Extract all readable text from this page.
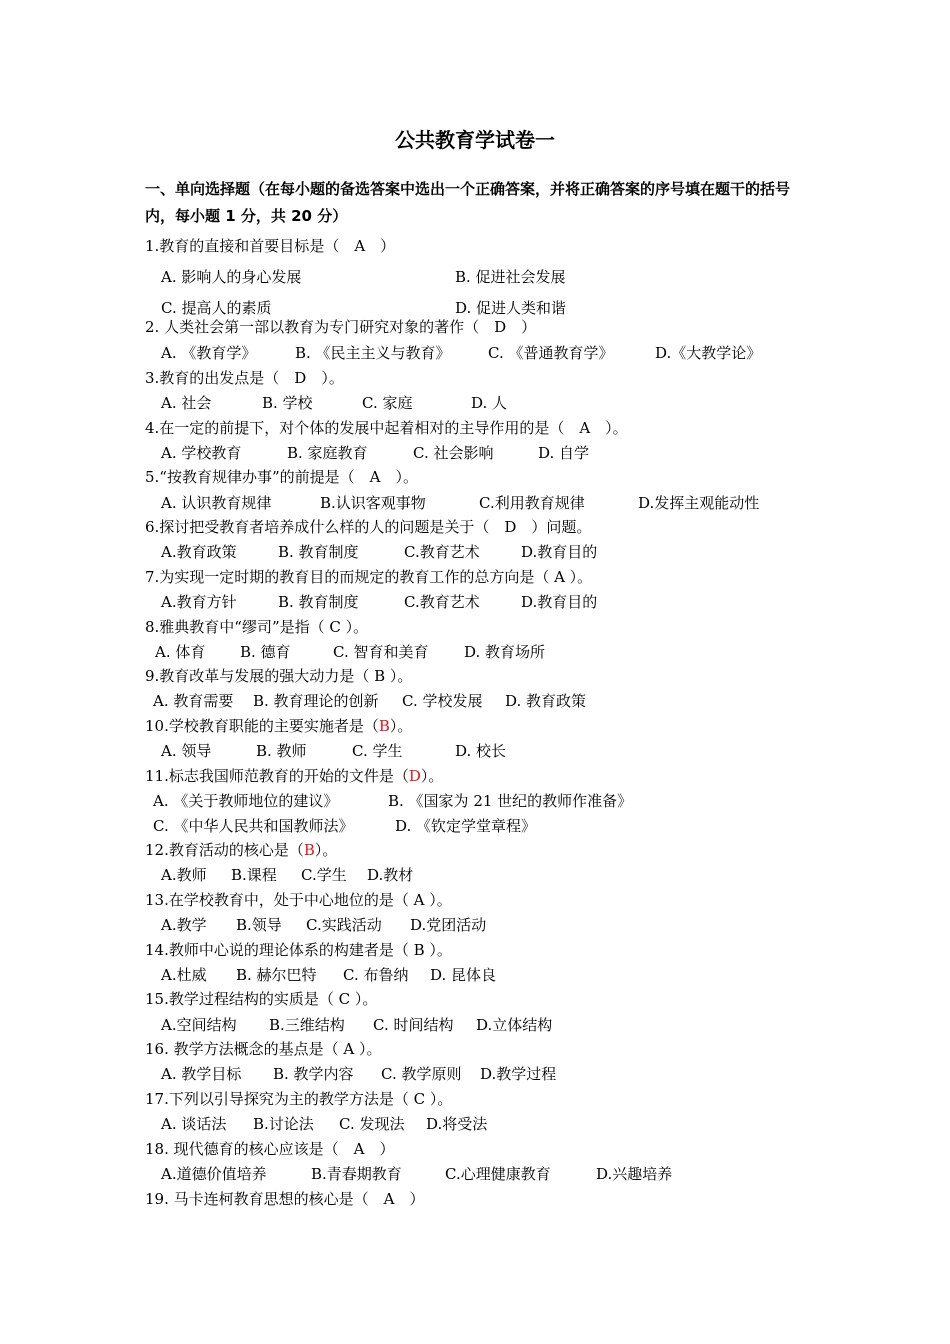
公共教育学试卷一
一、单向选择题（在每小题的备选答案中选出一个正确答案，并将正确答案的序号填在题干的括号内，每小题 1 分，共 20 分）
1.教育的直接和首要目标是（　A　）
A. 影响人的身心发展	B. 促进社会发展
C. 提高人的素质	D. 促进人类和谐
2. 人类社会第一部以教育为专门研究对象的著作（　D　）
A. 《教育学》	B. 《民主主义与教育》 C. 《普通教育学》	D.《大教学论》
3.教育的出发点是（　D　）。
A. 社会	B. 学校	C. 家庭	D. 人
4.在一定的前提下，对个体的发展中起着相对的主导作用的是（　A　）。
A. 学校教育	B. 家庭教育	C. 社会影响	D. 自学
5.“按教育规律办事”的前提是（　A　）。
A. 认识教育规律	B.认识客观事物	C.利用教育规律	D.发挥主观能动性
6.探讨把受教育者培养成什么样的人的问题是关于（　D　）问题。
A.教育政策	B. 教育制度	C.教育艺术	D.教育目的
7.为实现一定时期的教育目的而规定的教育工作的总方向是（ A ）。
A.教育方针	B. 教育制度	C.教育艺术	D.教育目的
8.雅典教育中“缪司”是指（ C ）。
A. 体育 B. 德育	C. 智育和美育 D. 教育场所
9.教育改革与发展的强大动力是（ B ）。
A. 教育需要 B. 教育理论的创新 C. 学校发展 D. 教育政策
10.学校教育职能的主要实施者是（B）。
A. 领导	B. 教师	C. 学生	D. 校长
11.标志我国师范教育的开始的文件是（D）。
A. 《关于教师地位的建议》	B. 《国家为 21 世纪的教师作准备》
C. 《中华人民共和国教师法》	D. 《钦定学堂章程》
12.教育活动的核心是（B）。
A.教师 B.课程 C.学生 D.教材
13.在学校教育中，处于中心地位的是（ A ）。
A.教学 B.领导 C.实践活动 D.党团活动
14.教师中心说的理论体系的构建者是（ B ）。
A.杜威 B. 赫尔巴特 C. 布鲁纳 D. 昆体良
15.教学过程结构的实质是（ C ）。
A.空间结构 B.三维结构 C. 时间结构 D.立体结构
16. 教学方法概念的基点是（ A ）。
A. 教学目标 B. 教学内容 C. 教学原则 D.教学过程
17.下列以引导探究为主的教学方法是（ C ）。
A. 谈话法 B.讨论法 C. 发现法 D.将受法
18. 现代德育的核心应该是（　A　）
A.道德价值培养	B.青春期教育	C.心理健康教育	D.兴趣培养
19. 马卡连柯教育思想的核心是（　A　）
